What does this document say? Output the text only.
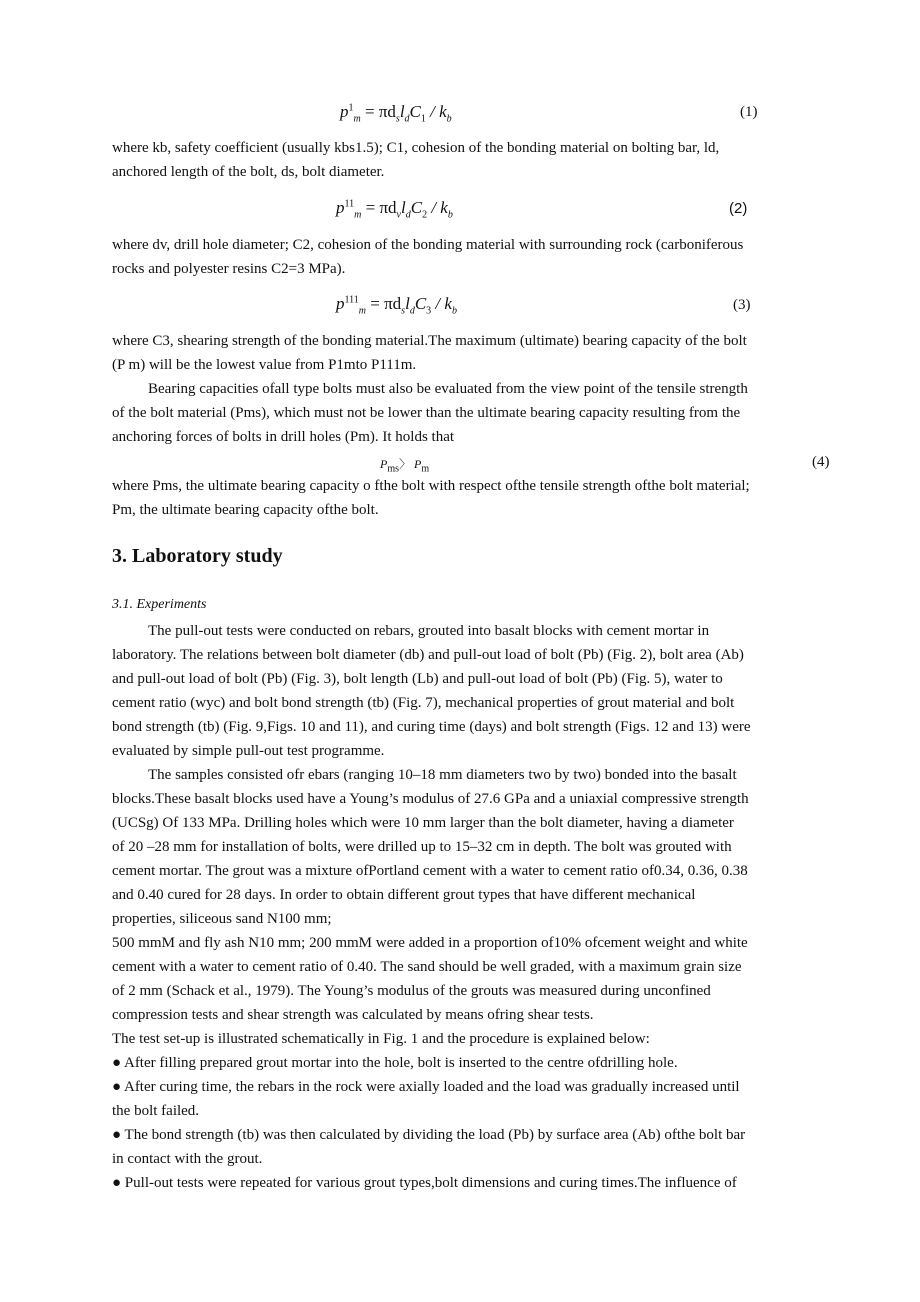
$p^1_m = \pi d_sl_dC_1 / k_b$	(1)
where kb, safety coefficient (usually kbs1.5); C1, cohesion of the bonding material on bolting bar, ld,
anchored length of the bolt, ds, bolt diameter.
$p^{11}_m = \pi d_vl_dC_2 / k_b$	(2)
where dv, drill hole diameter; C2, cohesion of the bonding material with surrounding rock (carboniferous
rocks and polyester resins C2=3 MPa).
$p^{111}_m = \pi d_sl_dC_3 / k_b$	(3)
where C3, shearing strength of the bonding material.The maximum (ultimate) bearing capacity of the bolt
(P m) will be the lowest value from P1mto P111m.
Bearing capacities ofall type bolts must also be evaluated from the view point of the tensile strength
of the bolt material (Pms), which must not be lower than the ultimate bearing capacity resulting from the
anchoring forces of bolts in drill holes (Pm). It holds that
$P_{ms}$〉 $P_m$	(4)
where Pms, the ultimate bearing capacity o fthe bolt with respect ofthe tensile strength ofthe bolt material;
Pm, the ultimate bearing capacity ofthe bolt.
3. Laboratory study
3.1. Experiments
The pull-out tests were conducted on rebars, grouted into basalt blocks with cement mortar in
laboratory. The relations between bolt diameter (db) and pull-out load of bolt (Pb) (Fig. 2), bolt area (Ab)
and pull-out load of bolt (Pb) (Fig. 3), bolt length (Lb) and pull-out load of bolt (Pb) (Fig. 5), water to
cement ratio (wyc) and bolt bond strength (tb) (Fig. 7), mechanical properties of grout material and bolt
bond strength (tb) (Fig. 9,Figs. 10 and 11), and curing time (days) and bolt strength (Figs. 12 and 13) were
evaluated by simple pull-out test programme.
The samples consisted ofr ebars (ranging 10–18 mm diameters two by two) bonded into the basalt
blocks.These basalt blocks used have a Young’s modulus of 27.6 GPa and a uniaxial compressive strength
(UCSg) Of 133 MPa. Drilling holes which were 10 mm larger than the bolt diameter, having a diameter
of 20 –28 mm for installation of bolts, were drilled up to 15–32 cm in depth. The bolt was grouted with
cement mortar. The grout was a mixture ofPortland cement with a water to cement ratio of0.34, 0.36, 0.38
and 0.40 cured for 28 days. In order to obtain different grout types that have different mechanical
properties, siliceous sand N100 mm;
500 mmM and fly ash N10 mm; 200 mmM were added in a proportion of10% ofcement weight and white
cement with a water to cement ratio of 0.40. The sand should be well graded, with a maximum grain size
of 2 mm (Schack et al., 1979). The Young’s modulus of the grouts was measured during unconfined
compression tests and shear strength was calculated by means ofring shear tests.
The test set-up is illustrated schematically in Fig. 1 and the procedure is explained below:
● After filling prepared grout mortar into the hole, bolt is inserted to the centre ofdrilling hole.
● After curing time, the rebars in the rock were axially loaded and the load was gradually increased until
the bolt failed.
● The bond strength (tb) was then calculated by dividing the load (Pb) by surface area (Ab) ofthe bolt bar
in contact with the grout.
● Pull-out tests were repeated for various grout types,bolt dimensions and curing times.The influence of
